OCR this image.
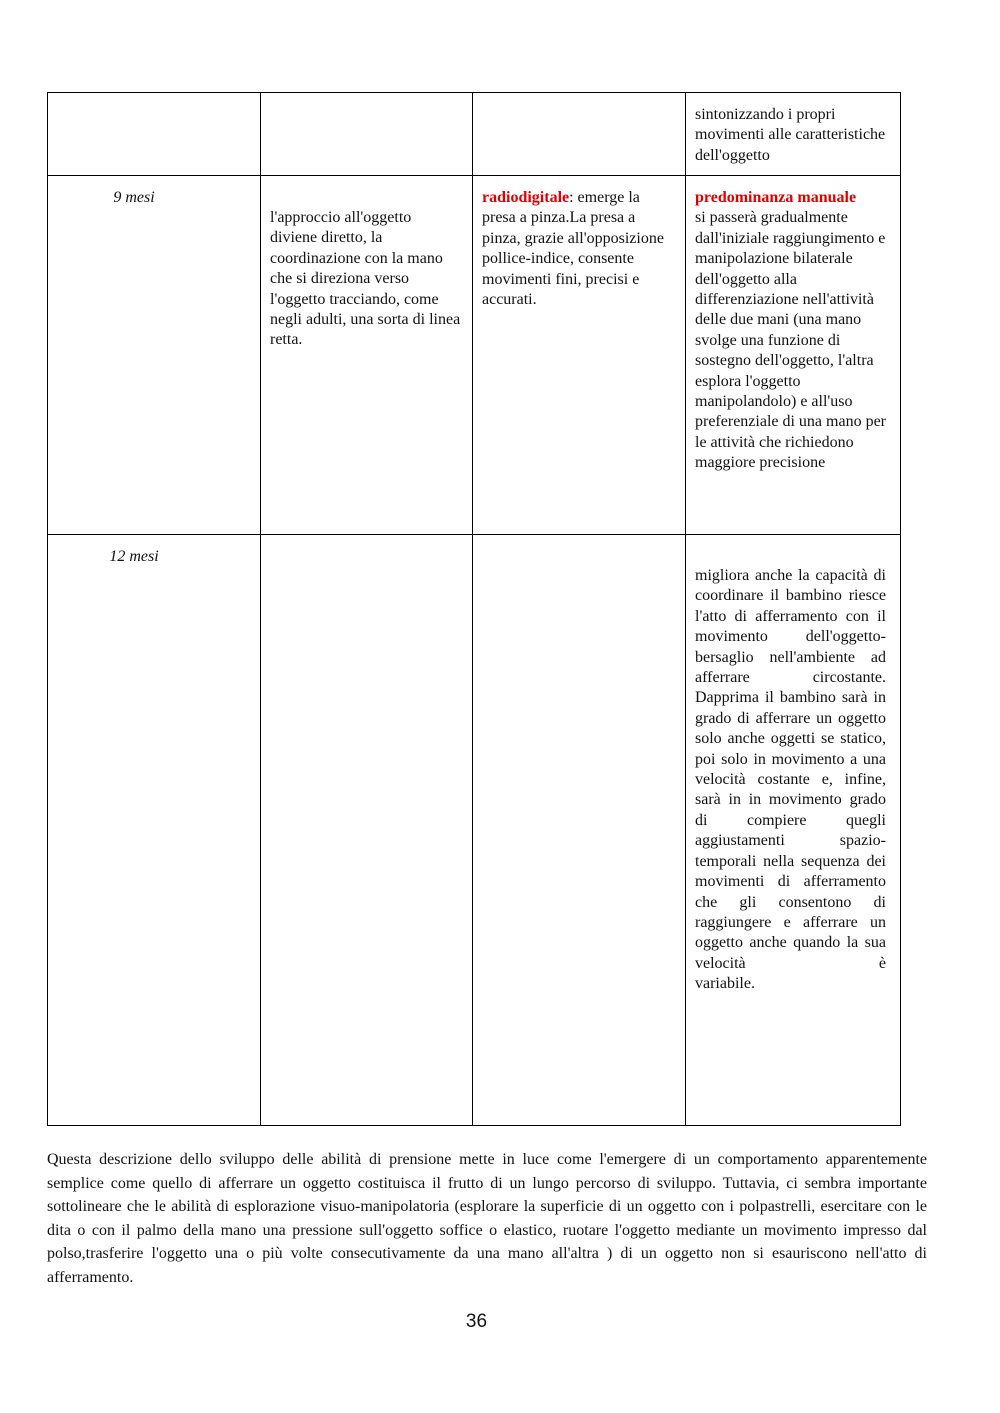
			sintonizzando i propri movimenti alle caratteristiche dell'oggetto

9 mesi	l'approccio all'oggetto diviene diretto, la coordinazione con la mano che si direziona verso l'oggetto tracciando, come negli adulti, una sorta di linea retta.	radiodigitale: emerge la presa a pinza.La presa a pinza, grazie all'opposizione pollice-indice, consente movimenti fini, precisi e accurati.	predominanza manuale
si passerà gradualmente dall'iniziale raggiungimento e manipolazione bilaterale dell'oggetto alla differenziazione nell'attività delle due mani (una mano svolge una funzione di sostegno dell'oggetto, l'altra esplora l'oggetto manipolandolo) e all'uso preferenziale di una mano per le attività che richiedono maggiore precisione

12 mesi			migliora anche la capacità di coordinare il bambino riesce l'atto di afferramento con il movimento dell'oggetto-bersaglio nell'ambiente ad afferrare circostante. Dapprima il bambino sarà in grado di afferrare un oggetto solo anche oggetti se statico, poi solo in movimento a una velocità costante e, infine, sarà in in movimento grado di compiere quegli aggiustamenti spazio-temporali nella sequenza dei movimenti di afferramento che gli consentono di raggiungere e afferrare un oggetto anche quando la sua velocità è
variabile.

Questa descrizione dello sviluppo delle abilità di prensione mette in luce come l'emergere di un comportamento apparentemente semplice come quello di afferrare un oggetto costituisca il frutto di un lungo percorso di sviluppo. Tuttavia, ci sembra importante sottolineare che le abilità di esplorazione visuo-manipolatoria (esplorare la superficie di un oggetto con i polpastrelli, esercitare con le dita o con il palmo della mano una pressione sull'oggetto soffice o elastico, ruotare l'oggetto mediante un movimento impresso dal polso,trasferire l'oggetto una o più volte consecutivamente da una mano all'altra ) di un oggetto non si esauriscono nell'atto di afferramento.

36
